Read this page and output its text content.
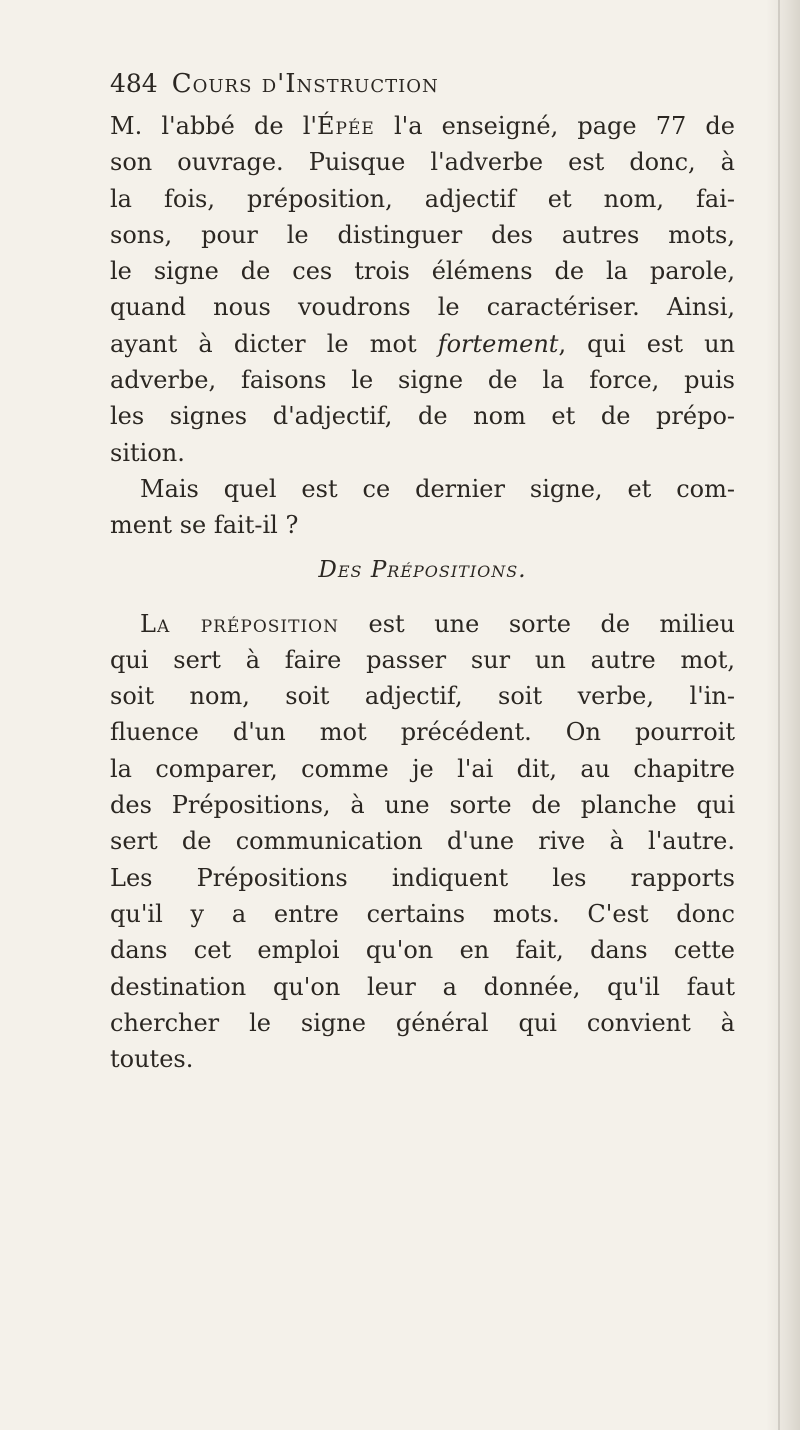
484 Cours d'Instruction
M. l'abbé de l'Épée l'a enseigné, page 77 de
son ouvrage. Puisque l'adverbe est donc, à
la fois, préposition, adjectif et nom, fai-
sons, pour le distinguer des autres mots,
le signe de ces trois élémens de la parole,
quand nous voudrons le caractériser. Ainsi,
ayant à dicter le mot fortement, qui est un
adverbe, faisons le signe de la force, puis
les signes d'adjectif, de nom et de prépo-
sition.
Mais quel est ce dernier signe, et com-
ment se fait-il ?
Des Prépositions.
La préposition est une sorte de milieu
qui sert à faire passer sur un autre mot,
soit nom, soit adjectif, soit verbe, l'in-
fluence d'un mot précédent. On pourroit
la comparer, comme je l'ai dit, au chapitre
des Prépositions, à une sorte de planche qui
sert de communication d'une rive à l'autre.
Les Prépositions indiquent les rapports
qu'il y a entre certains mots. C'est donc
dans cet emploi qu'on en fait, dans cette
destination qu'on leur a donnée, qu'il faut
chercher le signe général qui convient à
toutes.
